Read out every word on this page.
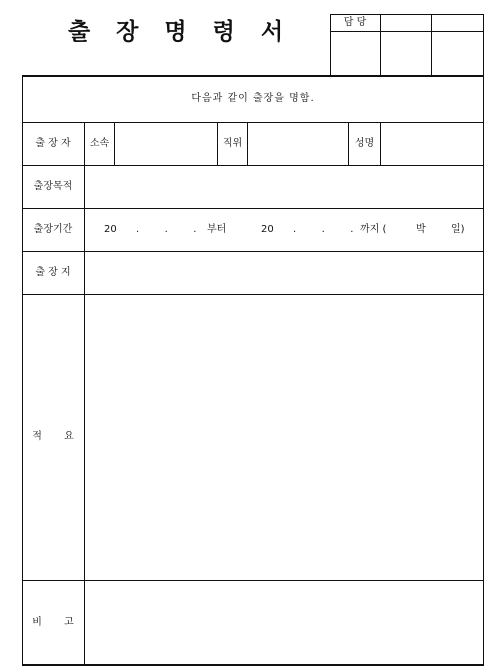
출 장 명 령 서	담 당
다음과 같이 출장을 명함.
출 장 자	소속	직위	성명
출장목적
출장기간	20 .        .        . 부터	20 .        .        . 까지 (	박	일)
출 장 지
적       요
비       고
